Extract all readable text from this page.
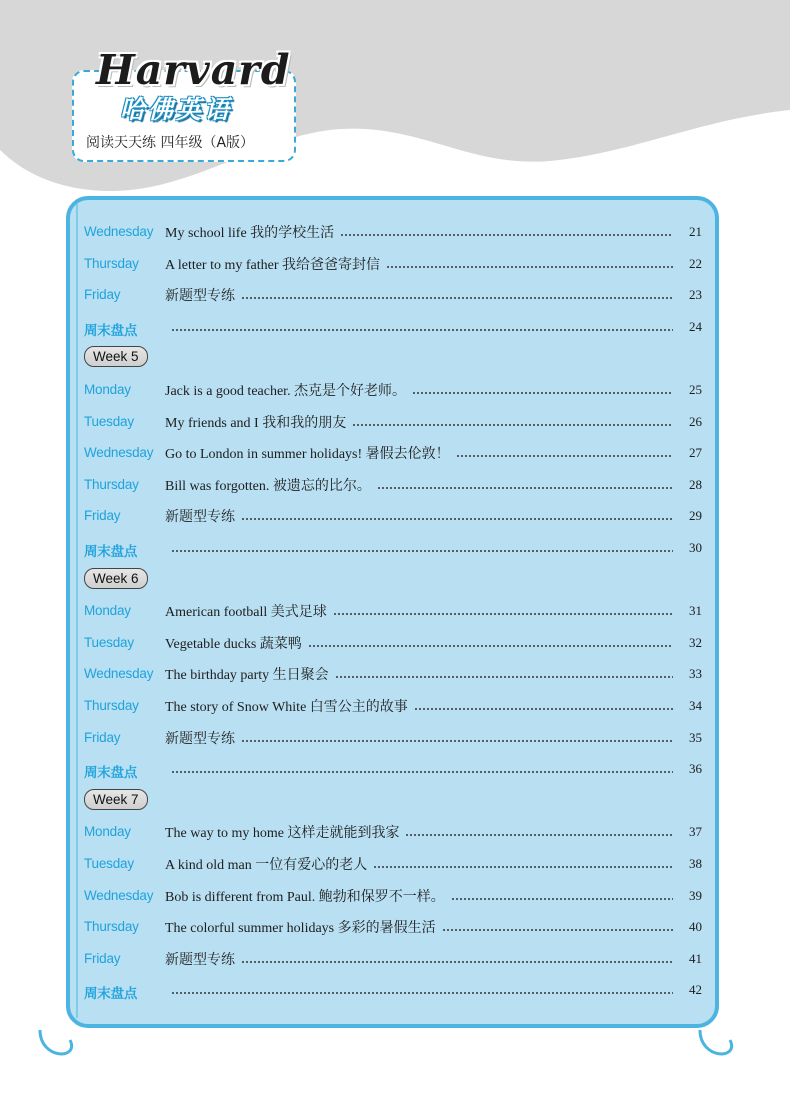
Harvard
哈佛英语
阅读天天练 四年级（A版）
Wednesday My school life 我的学校生活	21
Thursday A letter to my father 我给爸爸寄封信	22
Friday	新题型专练	23
周末盘点	24
Week 5
Monday Jack is a good teacher. 杰克是个好老师。	25
Tuesday My friends and I 我和我的朋友	26
Wednesday Go to London in summer holidays! 暑假去伦敦！	27
Thursday Bill was forgotten. 被遗忘的比尔。	28
Friday	新题型专练	29
周末盘点	30
Week 6
Monday American football 美式足球	31
Tuesday Vegetable ducks 蔬菜鸭	32
Wednesday The birthday party 生日聚会	33
Thursday The story of Snow White 白雪公主的故事	34
Friday	新题型专练	35
周末盘点	36
Week 7
Monday The way to my home 这样走就能到我家	37
Tuesday A kind old man 一位有爱心的老人	38
Wednesday Bob is different from Paul. 鲍勃和保罗不一样。	39
Thursday The colorful summer holidays 多彩的暑假生活	40
Friday	新题型专练	41
周末盘点	42
